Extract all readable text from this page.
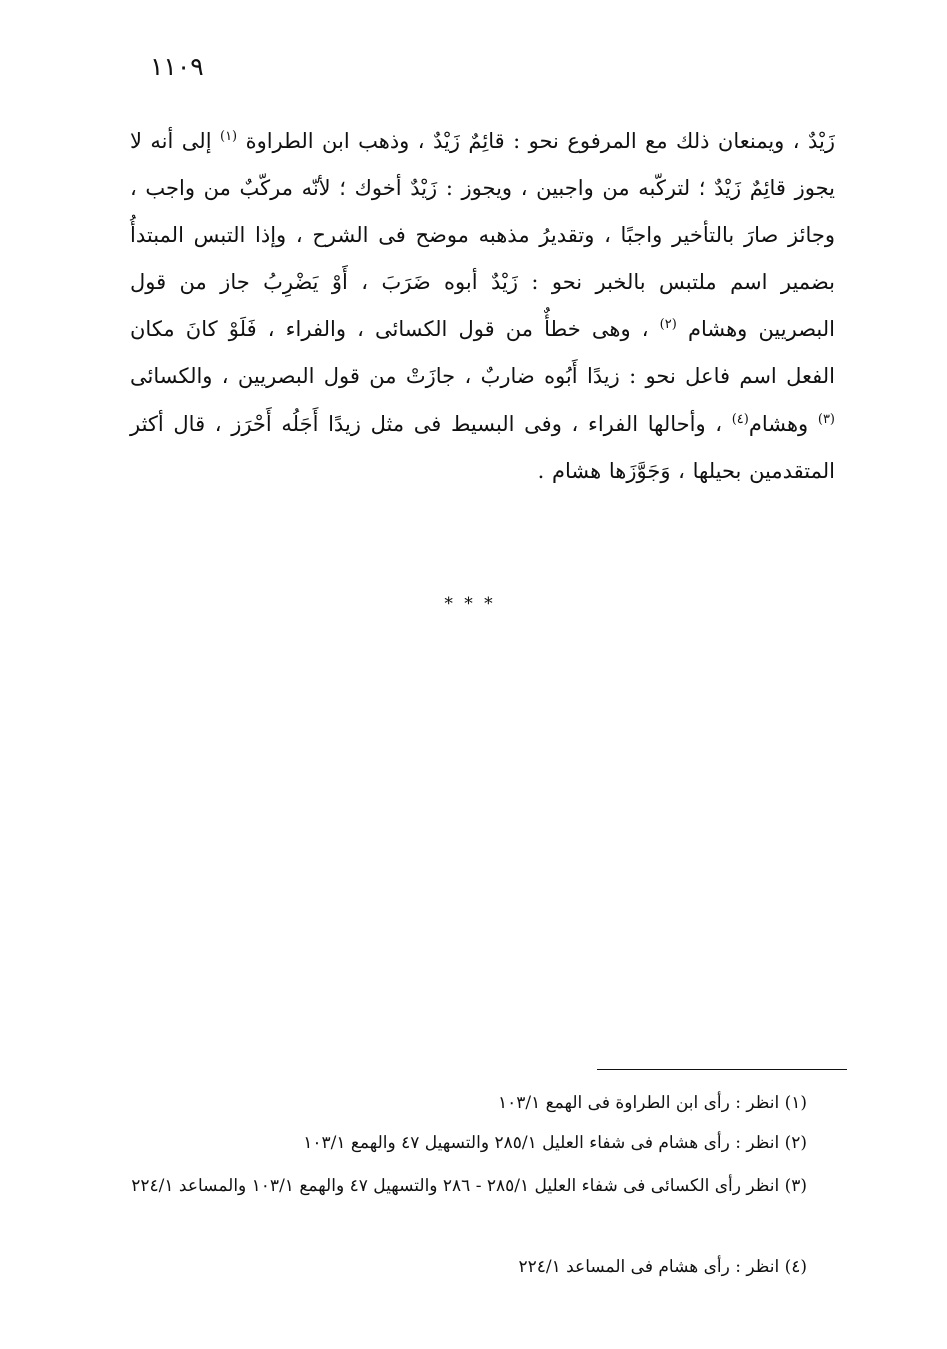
١١٠٩

زَيْدٌ ، ويمنعان ذلك مع المرفوع نحو : قائِمٌ زَيْدٌ ، وذهب ابن الطراوة $^{(١)}$ إلى أنه لا يجوز قائِمٌ زَيْدٌ ؛ لتركّبه من واجبين ، ويجوز : زَيْدٌ أخوك ؛ لأنّه مركّبٌ من واجب ، وجائز صارَ بالتأخير واجبًا ، وتقديرُ مذهبه موضح فى الشرح ، وإذا التبس المبتدأُ بضمير اسم ملتبس بالخبر نحو : زَيْدٌ أبوه ضَرَبَ ، أَوْ يَضْرِبُ جاز من قول البصريين وهشام $^{(٢)}$ ، وهى خطأٌ من قول الكسائى ، والفراء ، فَلَوْ كانَ مكان الفعل اسم فاعل نحو : زيدًا أَبُوه ضاربٌ ، جازَتْ من قول البصريين ، والكسائى $^{(٣)}$ وهشام$^{(٤)}$ ، وأحالها الفراء ، وفى البسيط فى مثل زيدًا أَجَلُه أَحْرَز ، قال أكثر المتقدمين بحيلها ، وَجَوَّزَها هشام .

* * *
(١) انظر : رأى ابن الطراوة فى الهمع ١٠٣/١
(٢) انظر : رأى هشام فى شفاء العليل ٢٨٥/١ والتسهيل ٤٧ والهمع ١٠٣/١
(٣) انظر رأى الكسائى فى شفاء العليل ٢٨٥/١ - ٢٨٦ والتسهيل ٤٧ والهمع ١٠٣/١ والمساعد ٢٢٤/١
(٤) انظر : رأى هشام فى المساعد ٢٢٤/١
